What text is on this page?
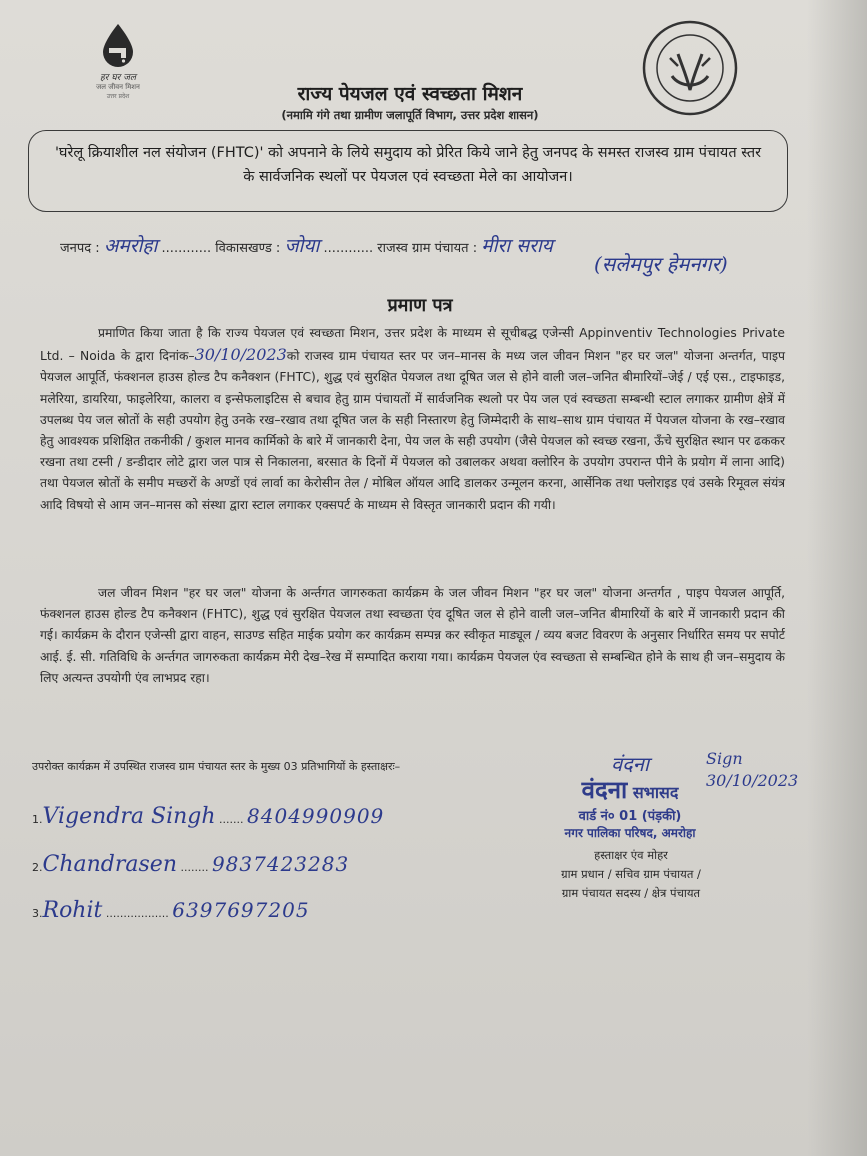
हर घर जल
जल जीवन मिशन
उत्तर प्रदेश	राज्य पेयजल एवं स्वच्छता मिशन
(नमामि गंगे तथा ग्रामीण जलापूर्ति विभाग, उत्तर प्रदेश शासन)
'घरेलू क्रियाशील नल संयोजन (FHTC)' को अपनाने के लिये समुदाय को प्रेरित किये जाने हेतु जनपद के समस्त राजस्व ग्राम पंचायत स्तर के सार्वजनिक स्थलों पर पेयजल एवं स्वच्छता मेले का आयोजन।
जनपद : अमरोहा ............ विकासखण्ड : जोया ............ राजस्व ग्राम पंचायत : मीरा सराय
(सलेमपुर हेमनगर)
प्रमाण पत्र
प्रमाणित किया जाता है कि राज्य पेयजल एवं स्वच्छता मिशन, उत्तर प्रदेश के माध्यम से सूचीबद्ध एजेन्सी Appinventiv Technologies Private Ltd. – Noida के द्वारा दिनांक–30/10/2023को राजस्व ग्राम पंचायत स्तर पर जन–मानस के मध्य जल जीवन मिशन "हर घर जल" योजना अन्तर्गत, पाइप पेयजल आपूर्ति, फंक्शनल हाउस होल्ड टैप कनैक्शन (FHTC), शुद्ध एवं सुरक्षित पेयजल तथा दूषित जल से होने वाली जल–जनित बीमारियों–जेई / एई एस., टाइफाइड, मलेरिया, डायरिया, फाइलेरिया, कालरा व इन्सेफलाइटिस से बचाव हेतु ग्राम पंचायतों में सार्वजनिक स्थलो पर पेय जल एवं स्वच्छता सम्बन्धी स्टाल लगाकर ग्रामीण क्षेत्रें में उपलब्ध पेय जल स्रोतों के सही उपयोग हेतु उनके रख–रखाव तथा दूषित जल के सही निस्तारण हेतु जिम्मेदारी के साथ–साथ ग्राम पंचायत में पेयजल योजना के रख–रखाव हेतु आवश्यक प्रशिक्षित तकनीकी / कुशल मानव कार्मिको के बारे में जानकारी देना, पेय जल के सही उपयोग (जैसे पेयजल को स्वच्छ रखना, ऊँचे सुरक्षित स्थान पर ढककर रखना तथा टस्नी / डन्डीदार लोटे द्वारा जल पात्र से निकालना, बरसात के दिनों में पेयजल को उबालकर अथवा क्लोरिन के उपयोग उपरान्त पीने के प्रयोग में लाना आदि) तथा पेयजल स्रोतों के समीप मच्छरों के अण्डों एवं लार्वा का केरोसीन तेल / मोबिल ऑयल आदि डालकर उन्मूलन करना, आर्सेनिक तथा फ्लोराइड एवं उसके रिमूवल संयंत्र आदि विषयो से आम जन–मानस को संस्था द्वारा स्टाल लगाकर एक्सपर्ट के माध्यम से विस्तृत जानकारी प्रदान की गयी।
जल जीवन मिशन "हर घर जल" योजना के अर्न्तगत जागरुकता कार्यक्रम के जल जीवन मिशन "हर घर जल" योजना अन्तर्गत , पाइप पेयजल आपूर्ति, फंक्शनल हाउस होल्ड टैप कनैक्शन (FHTC), शुद्ध एवं सुरक्षित पेयजल तथा स्वच्छता एंव दूषित जल से होने वाली जल–जनित बीमारियों के बारे में जानकारी प्रदान की गई। कार्यक्रम के दौरान एजेन्सी द्वारा वाहन, साउण्ड सहित माईक प्रयोग कर कार्यक्रम सम्पन्न कर स्वीकृत माड्यूल / व्यय बजट विवरण के अनुसार निर्धारित समय पर सपोर्ट आई. ई. सी. गतिविधि के अर्न्तगत जागरुकता कार्यक्रम मेरी देख–रेख में सम्पादित कराया गया। कार्यक्रम पेयजल एंव स्वच्छता से सम्बन्धित होने के साथ ही जन–समुदाय के लिए अत्यन्त उपयोगी एंव लाभप्रद रहा।
उपरोक्त कार्यक्रम में उपस्थित राजस्व ग्राम पंचायत स्तर के मुख्य 03 प्रतिभागियों के हस्ताक्षरः–
1.Vigendra Singh ....... 8404990909
2.Chandrasen ........ 9837423283
3.Rohit .................. 6397697205
वंदना
वंदना सभासद
वार्ड नं० 01 (पंड़की)
नगर पालिका परिषद, अमरोहा
Sign
30/10/2023
हस्ताक्षर एंव मोहर
ग्राम प्रधान / सचिव ग्राम पंचायत /
ग्राम पंचायत सदस्य / क्षेत्र पंचायत
